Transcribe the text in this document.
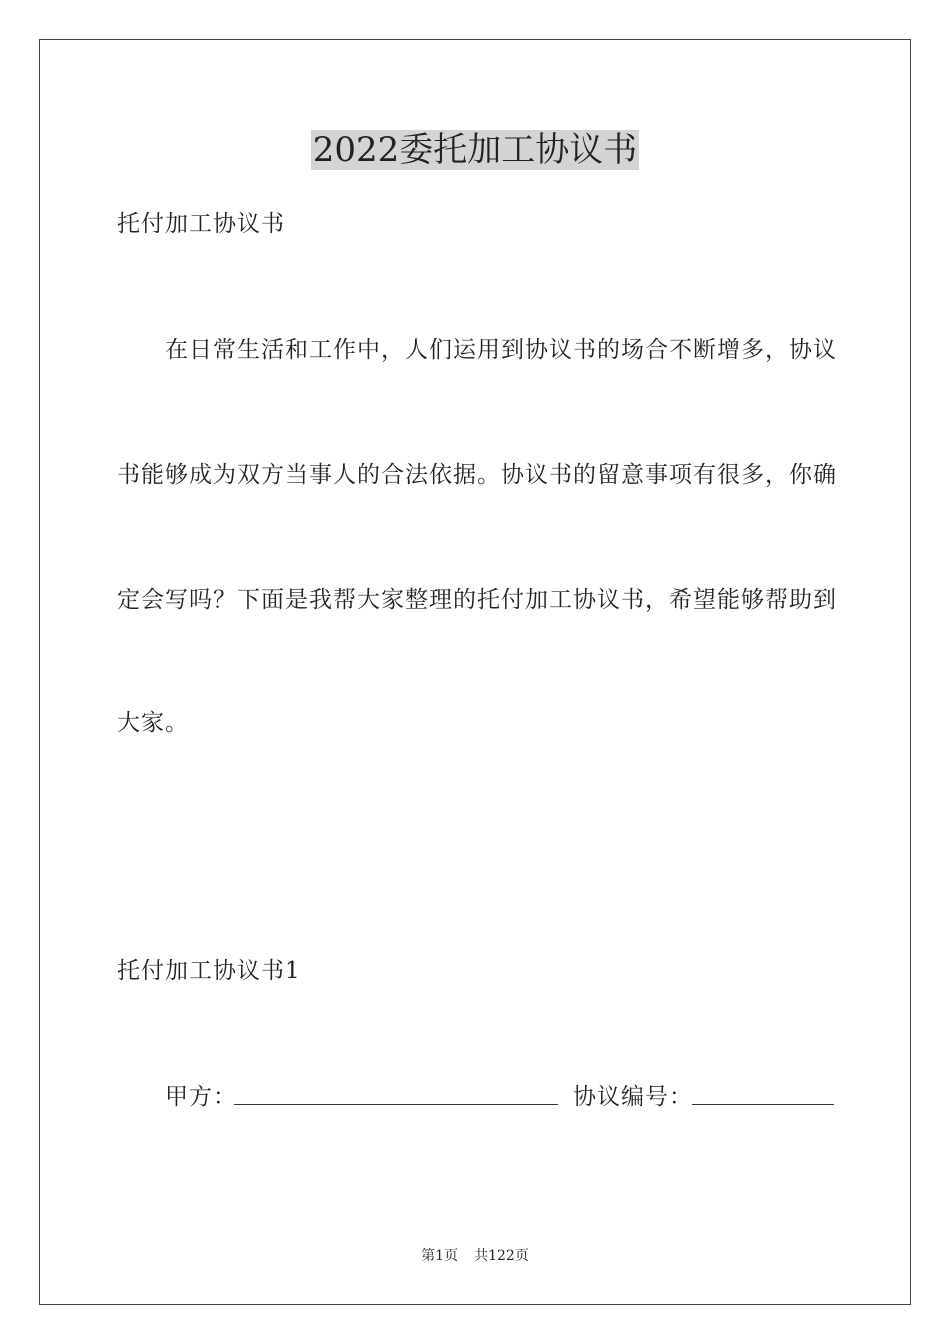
2022委托加工协议书
托付加工协议书
在日常生活和工作中，人们运用到协议书的场合不断增多，协议
书能够成为双方当事人的合法依据。协议书的留意事项有很多，你确
定会写吗？下面是我帮大家整理的托付加工协议书，希望能够帮助到
大家。
托付加工协议书1
甲方：	协议编号：
第1页 共122页
